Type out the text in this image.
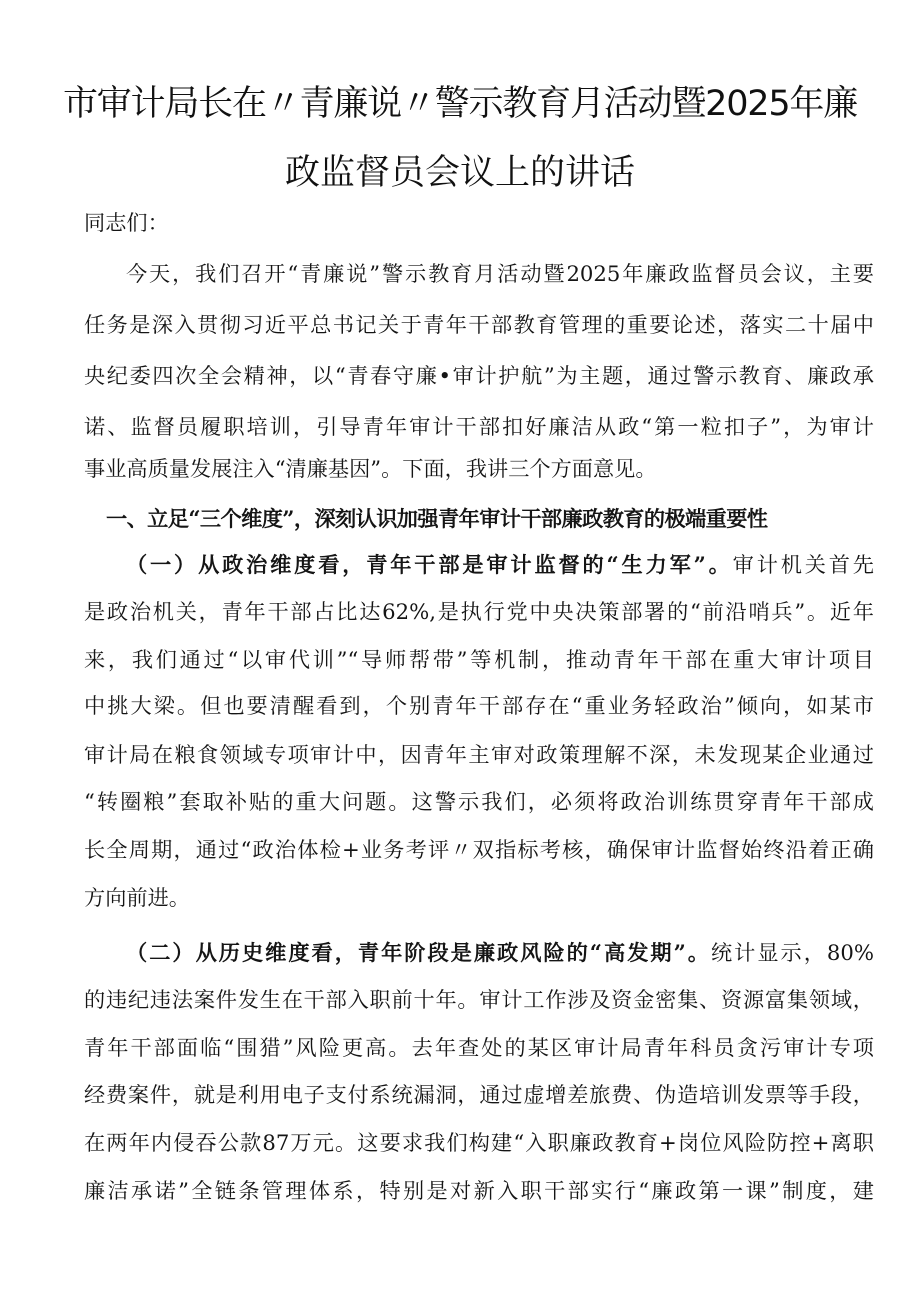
市审计局长在〃青廉说〃警示教育月活动暨2025年廉
政监督员会议上的讲话

同志们：

今天，我们召开“青廉说”警示教育月活动暨2025年廉政监督员会议，主要

任务是深入贯彻习近平总书记关于青年干部教育管理的重要论述，落实二十届中

央纪委四次全会精神，以“青春守廉•审计护航”为主题，通过警示教育、廉政承

诺、监督员履职培训，引导青年审计干部扣好廉洁从政“第一粒扣子”，为审计

事业高质量发展注入“清廉基因”。下面，我讲三个方面意见。

一、立足“三个维度”，深刻认识加强青年审计干部廉政教育的极端重要性

（一）从政治维度看，青年干部是审计监督的“生力军”。审计机关首先

是政治机关，青年干部占比达62%,是执行党中央决策部署的“前沿哨兵”。近年

来，我们通过“以审代训”“导师帮带”等机制，推动青年干部在重大审计项目

中挑大梁。但也要清醒看到，个别青年干部存在“重业务轻政治”倾向，如某市

审计局在粮食领域专项审计中，因青年主审对政策理解不深，未发现某企业通过

“转圈粮”套取补贴的重大问题。这警示我们，必须将政治训练贯穿青年干部成

长全周期，通过“政治体检+业务考评〃双指标考核，确保审计监督始终沿着正确

方向前进。

（二）从历史维度看，青年阶段是廉政风险的“高发期”。统计显示，80%

的违纪违法案件发生在干部入职前十年。审计工作涉及资金密集、资源富集领域，

青年干部面临“围猎”风险更高。去年查处的某区审计局青年科员贪污审计专项

经费案件，就是利用电子支付系统漏洞，通过虚增差旅费、伪造培训发票等手段，

在两年内侵吞公款87万元。这要求我们构建“入职廉政教育+岗位风险防控+离职

廉洁承诺”全链条管理体系，特别是对新入职干部实行“廉政第一课”制度，建
